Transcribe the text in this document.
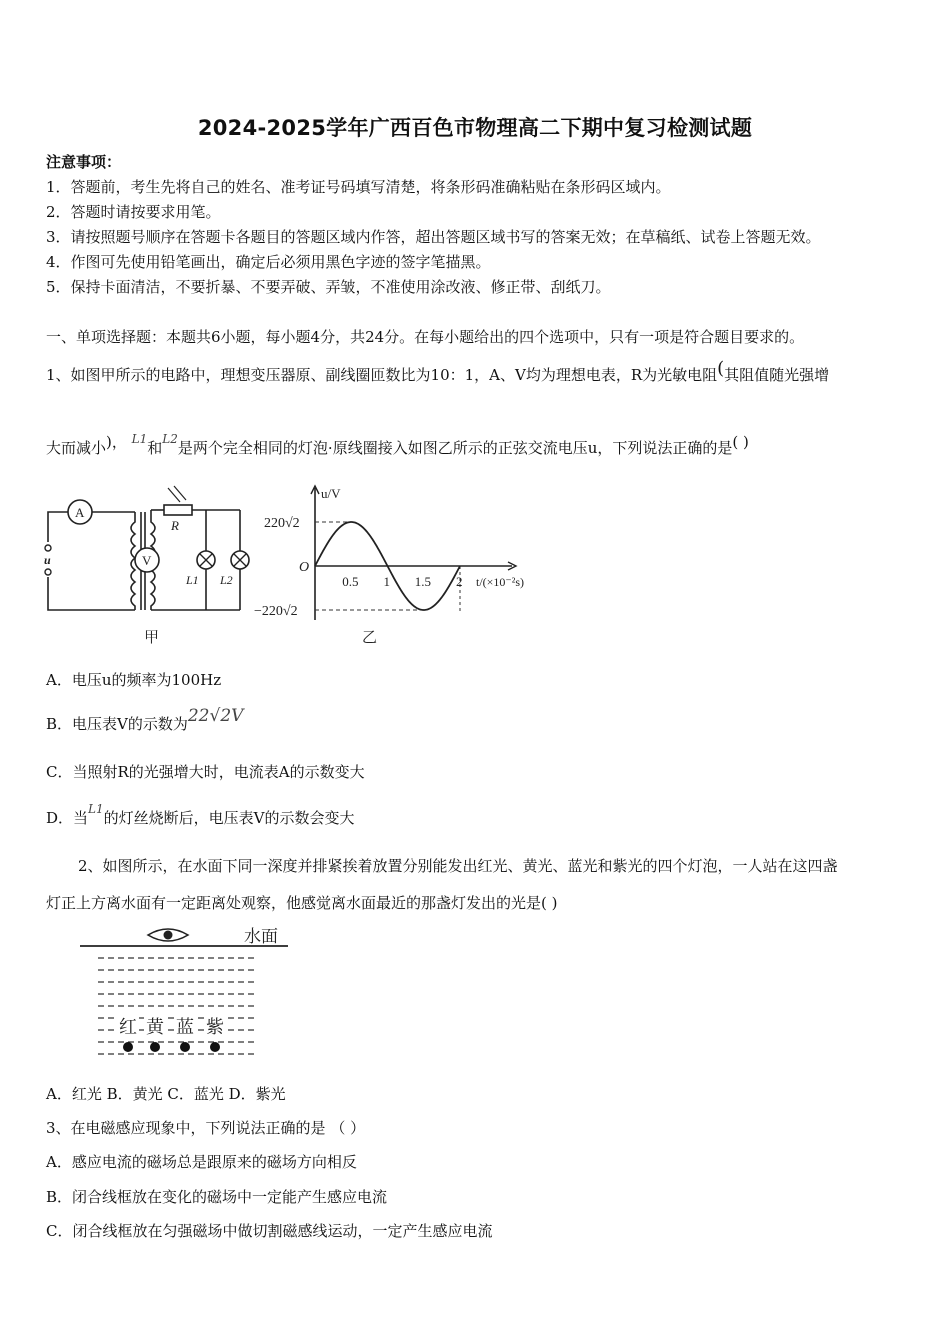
2024-2025学年广西百色市物理高二下期中复习检测试题
注意事项：
1．答题前，考生先将自己的姓名、准考证号码填写清楚，将条形码准确粘贴在条形码区域内。
2．答题时请按要求用笔。
3．请按照题号顺序在答题卡各题目的答题区域内作答，超出答题区域书写的答案无效；在草稿纸、试卷上答题无效。
4．作图可先使用铅笔画出，确定后必须用黑色字迹的签字笔描黑。
5．保持卡面清洁，不要折暴、不要弄破、弄皱，不准使用涂改液、修正带、刮纸刀。
一、单项选择题：本题共6小题，每小题4分，共24分。在每小题给出的四个选项中，只有一项是符合题目要求的。
1、如图甲所示的电路中，理想变压器原、副线圈匝数比为10：1，A、V均为理想电表，R为光敏电阻(其阻值随光强增
大而减小)， $^{L1}$和$^{L2}$是两个完全相同的灯泡·原线圈接入如图乙所示的正弦交流电压u，下列说法正确的是( )
u
A
R
V
L1 L2
甲
u/V
220√2
−220√2
O
0.5 1 1.5 2 t/(×10⁻²s)
乙
A．电压u的频率为100Hz
B．电压表V的示数为22√2V
C．当照射R的光强增大时，电流表A的示数变大
D．当$^{L1}$的灯丝烧断后，电压表V的示数会变大
2、如图所示，在水面下同一深度并排紧挨着放置分别能发出红光、黄光、蓝光和紫光的四个灯泡，一人站在这四盏
灯正上方离水面有一定距离处观察，他感觉离水面最近的那盏灯发出的光是( )
水面
红 黄 蓝 紫
A．红光 B．黄光 C．蓝光 D．紫光
3、在电磁感应现象中，下列说法正确的是 （ ）
A．感应电流的磁场总是跟原来的磁场方向相反
B．闭合线框放在变化的磁场中一定能产生感应电流
C．闭合线框放在匀强磁场中做切割磁感线运动，一定产生感应电流
